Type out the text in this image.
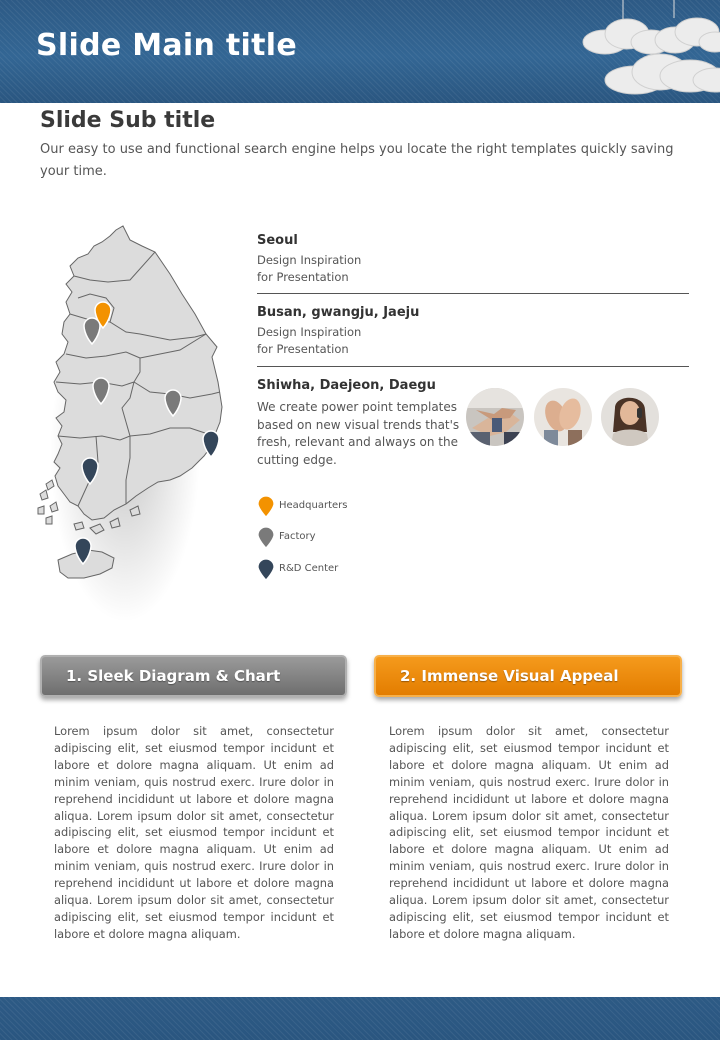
Slide Main title
Slide Sub title
Our easy to use and functional search engine helps you locate the right templates quickly saving your time.
Seoul
Design Inspiration
for Presentation
Busan, gwangju, Jaeju
Design Inspiration
for Presentation
Shiwha, Daejeon, Daegu
We create power point templates based on new visual trends that's fresh, relevant and always on the cutting edge.
Headquarters
Factory
R&D Center
1. Sleek Diagram & Chart	2. Immense Visual Appeal
Lorem ipsum dolor sit amet, consectetur adipiscing elit, set eiusmod tempor incidunt et labore et dolore magna aliquam. Ut enim ad minim veniam, quis nostrud exerc. Irure dolor in reprehend incididunt ut labore et dolore magna aliqua. Lorem ipsum dolor sit amet, consectetur adipiscing elit, set eiusmod tempor incidunt et labore et dolore magna aliquam. Ut enim ad minim veniam, quis nostrud exerc. Irure dolor in reprehend incididunt ut labore et dolore magna aliqua. Lorem ipsum dolor sit amet, consectetur adipiscing elit, set eiusmod tempor incidunt et labore et dolore magna aliquam.
Lorem ipsum dolor sit amet, consectetur adipiscing elit, set eiusmod tempor incidunt et labore et dolore magna aliquam. Ut enim ad minim veniam, quis nostrud exerc. Irure dolor in reprehend incididunt ut labore et dolore magna aliqua. Lorem ipsum dolor sit amet, consectetur adipiscing elit, set eiusmod tempor incidunt et labore et dolore magna aliquam. Ut enim ad minim veniam, quis nostrud exerc. Irure dolor in reprehend incididunt ut labore et dolore magna aliqua. Lorem ipsum dolor sit amet, consectetur adipiscing elit, set eiusmod tempor incidunt et labore et dolore magna aliquam.
